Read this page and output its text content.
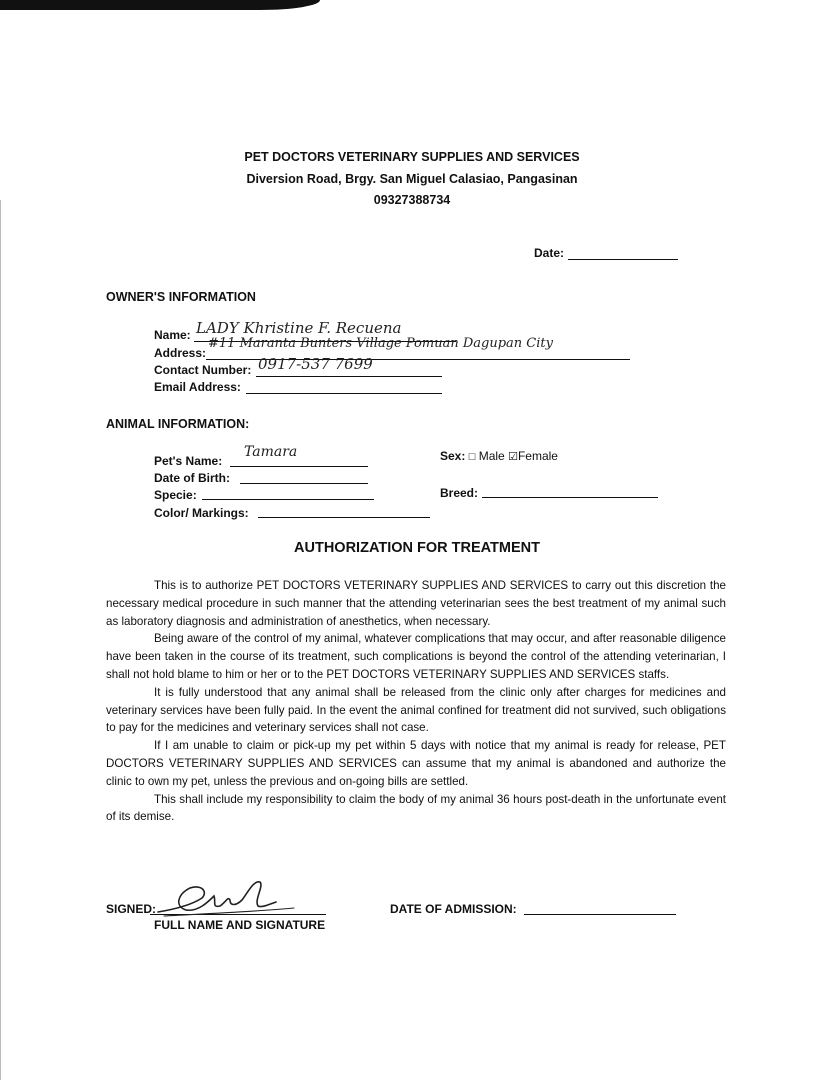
PET DOCTORS VETERINARY SUPPLIES AND SERVICES
Diversion Road, Brgy. San Miguel Calasiao, Pangasinan
09327388734
Date:
OWNER'S INFORMATION
Name: LADY Khristine F. Recuena
Address:
#11 Maranta Bunters Village Pomuan Dagupan City
Contact Number: 0917-537 7699
Email Address:
ANIMAL INFORMATION:
Pet's Name:
Tamara	Sex: □ Male ☑Female
Date of Birth:
Specie:	Breed:
Color/ Markings:
AUTHORIZATION FOR TREATMENT

This is to authorize PET DOCTORS VETERINARY SUPPLIES AND SERVICES to carry out this discretion the necessary medical procedure in such manner that the attending veterinarian sees the best treatment of my animal such as laboratory diagnosis and administration of anesthetics, when necessary.

Being aware of the control of my animal, whatever complications that may occur, and after reasonable diligence have been taken in the course of its treatment, such complications is beyond the control of the attending veterinarian, I shall not hold blame to him or her or to the PET DOCTORS VETERINARY SUPPLIES AND SERVICES staffs.

It is fully understood that any animal shall be released from the clinic only after charges for medicines and veterinary services have been fully paid. In the event the animal confined for treatment did not survived, such obligations to pay for the medicines and veterinary services shall not case.

If I am unable to claim or pick-up my pet within 5 days with notice that my animal is ready for release, PET DOCTORS VETERINARY SUPPLIES AND SERVICES can assume that my animal is abandoned and authorize the clinic to own my pet, unless the previous and on-going bills are settled.

This shall include my responsibility to claim the body of my animal 36 hours post-death in the unfortunate event of its demise.

SIGNED:
FULL NAME AND SIGNATURE
DATE OF ADMISSION:
